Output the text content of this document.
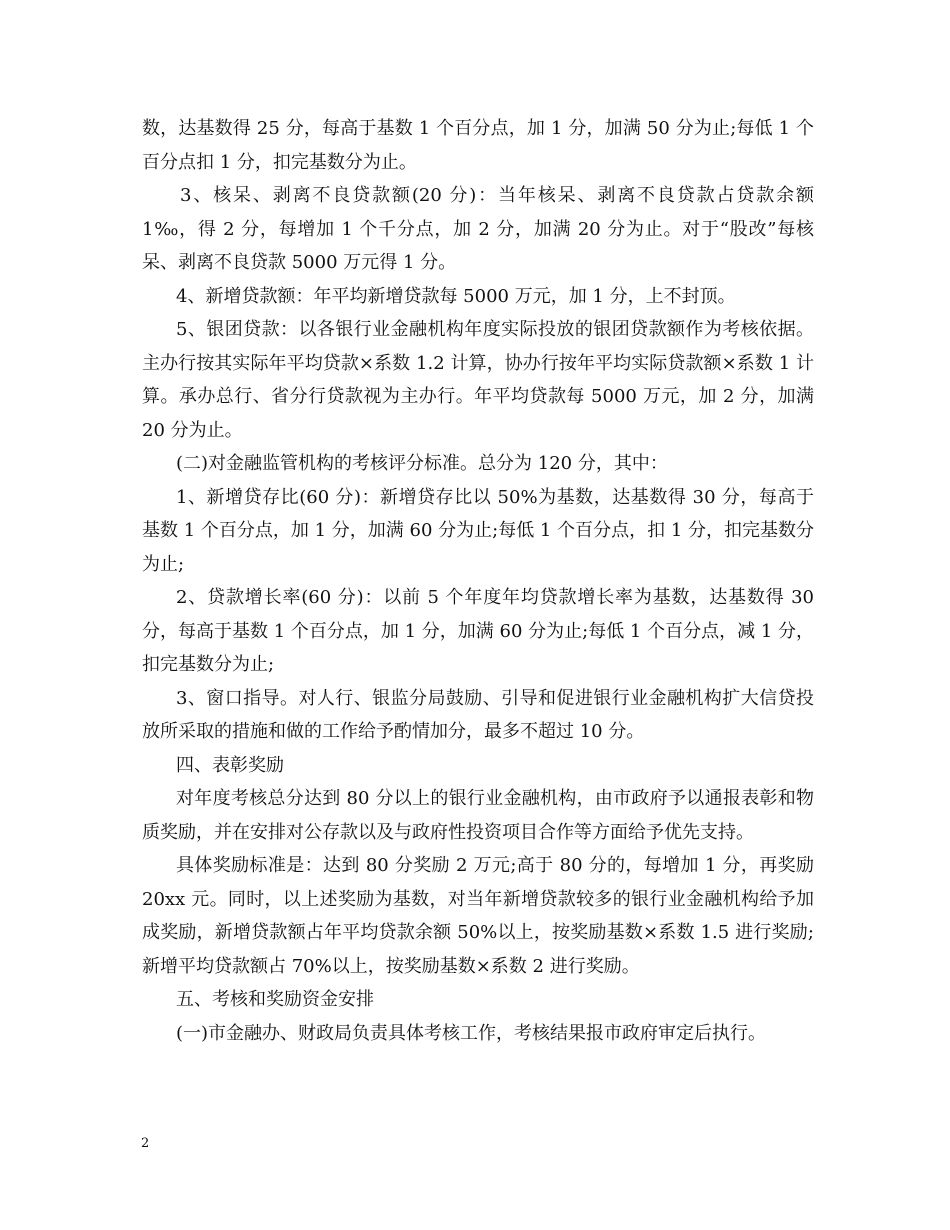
数，达基数得 25 分，每高于基数 1 个百分点，加 1 分，加满 50 分为止;每低 1 个百分点扣 1 分，扣完基数分为止。

3、核呆、剥离不良贷款额(20 分)：当年核呆、剥离不良贷款占贷款余额 1‰，得 2 分，每增加 1 个千分点，加 2 分，加满 20 分为止。对于“股改”每核呆、剥离不良贷款 5000 万元得 1 分。

4、新增贷款额：年平均新增贷款每 5000 万元，加 1 分，上不封顶。

5、银团贷款：以各银行业金融机构年度实际投放的银团贷款额作为考核依据。主办行按其实际年平均贷款×系数 1.2 计算，协办行按年平均实际贷款额×系数 1 计算。承办总行、省分行贷款视为主办行。年平均贷款每 5000 万元，加 2 分，加满 20 分为止。

(二)对金融监管机构的考核评分标准。总分为 120 分，其中：

1、新增贷存比(60 分)：新增贷存比以 50%为基数，达基数得 30 分，每高于基数 1 个百分点，加 1 分，加满 60 分为止;每低 1 个百分点，扣 1 分，扣完基数分为止;

2、贷款增长率(60 分)：以前 5 个年度年均贷款增长率为基数，达基数得 30 分，每高于基数 1 个百分点，加 1 分，加满 60 分为止;每低 1 个百分点，减 1 分，扣完基数分为止;

3、窗口指导。对人行、银监分局鼓励、引导和促进银行业金融机构扩大信贷投放所采取的措施和做的工作给予酌情加分，最多不超过 10 分。

四、表彰奖励

对年度考核总分达到 80 分以上的银行业金融机构，由市政府予以通报表彰和物质奖励，并在安排对公存款以及与政府性投资项目合作等方面给予优先支持。

具体奖励标准是：达到 80 分奖励 2 万元;高于 80 分的，每增加 1 分，再奖励 20xx 元。同时，以上述奖励为基数，对当年新增贷款较多的银行业金融机构给予加成奖励，新增贷款额占年平均贷款余额 50%以上，按奖励基数×系数 1.5 进行奖励;新增平均贷款额占 70%以上，按奖励基数×系数 2 进行奖励。

五、考核和奖励资金安排

(一)市金融办、财政局负责具体考核工作，考核结果报市政府审定后执行。

2
